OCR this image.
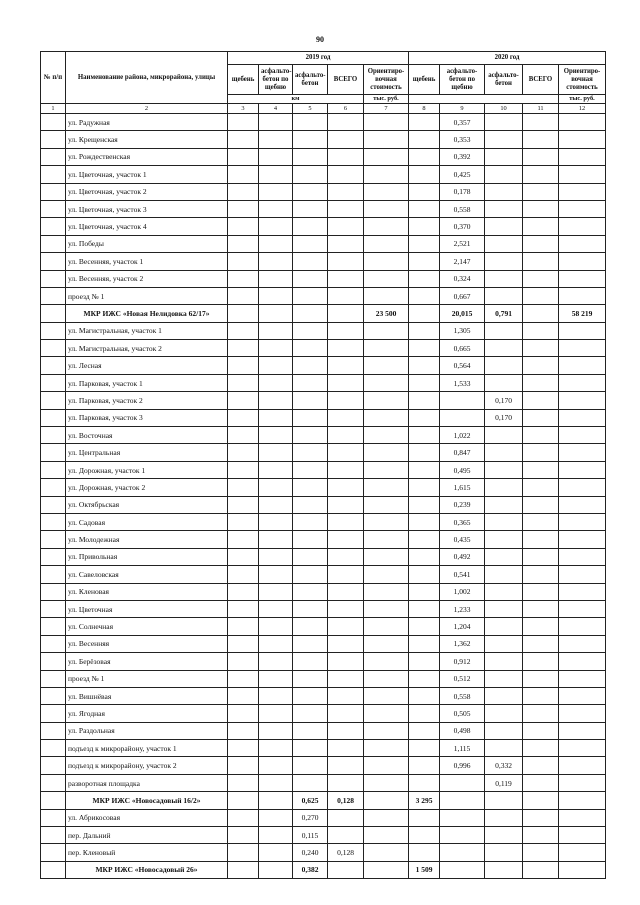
90
№ п/п	Наименование района, микрорайона, улицы	2019 год					2020 год				
		щебень	асфальто-бетон по щебню	асфальто-бетон	ВСЕГО	Ориентиро-вочная стоимость	щебень	асфальто-бетон по щебню	асфальто-бетон	ВСЕГО	Ориентиро-вочная стоимость
		км				тыс. руб.					тыс. руб.
1	2	3	4	5	6	7	8	9	10	11	12
	ул. Радужная							0,357			
	ул. Крещенская							0,353			
	ул. Рождественская							0,392			
	ул. Цветочная, участок 1							0,425			
	ул. Цветочная, участок 2							0,178			
	ул. Цветочная, участок 3							0,558			
	ул. Цветочная, участок 4							0,370			
	ул. Победы							2,521			
	ул. Весенняя, участок 1							2,147			
	ул. Весенняя, участок 2							0,324			
	проезд № 1							0,667			
	МКР ИЖС «Новая Нелидовка 62/17»					23 500		20,015	0,791		58 219
	ул. Магистральная, участок 1							1,305			
	ул. Магистральная, участок 2							0,665			
	ул. Лесная							0,564			
	ул. Парковая, участок 1							1,533			
	ул. Парковая, участок 2								0,170		
	ул. Парковая, участок 3								0,170		
	ул. Восточная							1,022			
	ул. Центральная							0,847			
	ул. Дорожная, участок 1							0,495			
	ул. Дорожная, участок 2							1,615			
	ул. Октябрьская							0,239			
	ул. Садовая							0,365			
	ул. Молодежная							0,435			
	ул. Привольная							0,492			
	ул. Савеловская							0,541			
	ул. Кленовая							1,002			
	ул. Цветочная							1,233			
	ул. Солнечная							1,204			
	ул. Весенняя							1,362			
	ул. Берёзовая							0,912			
	проезд № 1							0,512			
	ул. Вишнёвая							0,558			
	ул. Ягодная							0,505			
	ул. Раздольная							0,498			
	подъезд к микрорайону, участок 1							1,115			
	подъезд к микрорайону, участок 2							0,996	0,332		
	разворотная площадка								0,119		
	МКР ИЖС «Новосадовый 16/2»			0,625	0,128		3 295				
	ул. Абрикосовая			0,270							
	пер. Дальний			0,115							
	пер. Кленовый			0,240	0,128						
	МКР ИЖС «Новосадовый 26»			0,382			1 509				
